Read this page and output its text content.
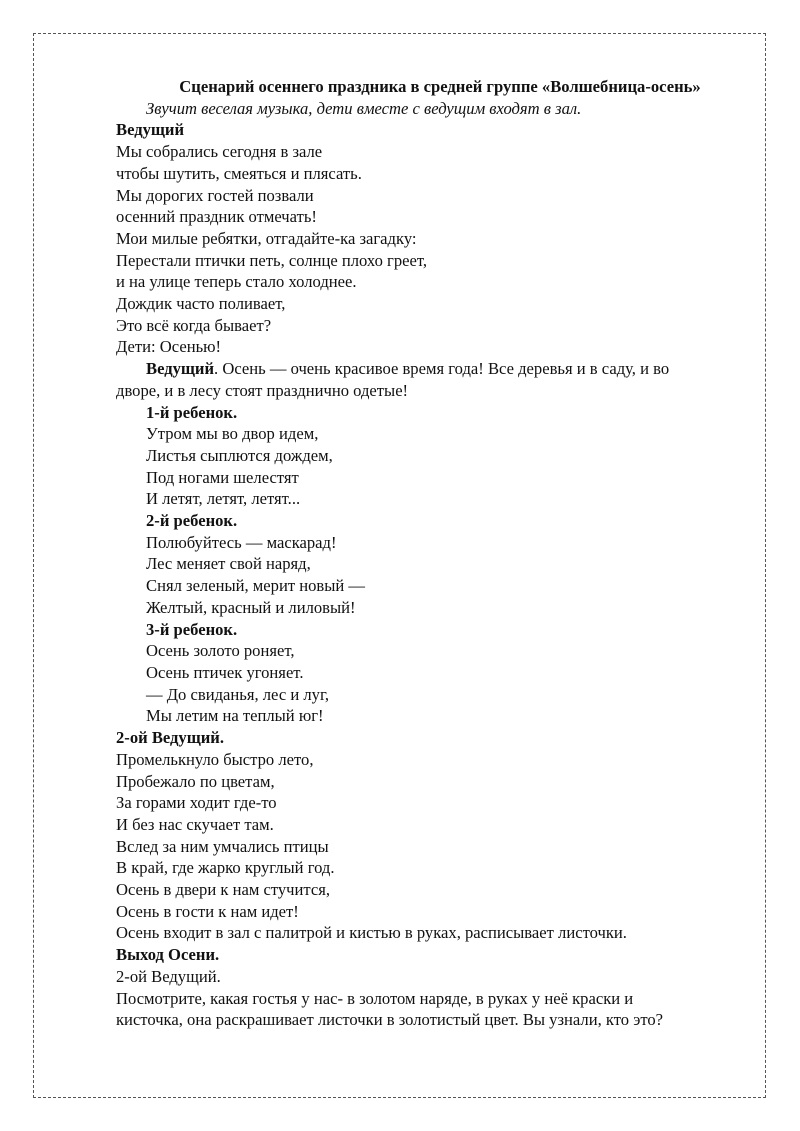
Сценарий осеннего праздника в средней группе «Волшебница-осень»

Звучит веселая музыка, дети вместе с ведущим входят в зал.

Ведущий

Мы собрались сегодня в зале

чтобы шутить, смеяться и плясать.

Мы дорогих гостей позвали

осенний праздник отмечать!

Мои милые ребятки, отгадайте-ка загадку:

Перестали птички петь, солнце плохо греет,

и на улице теперь стало холоднее.

Дождик часто поливает,

Это всё когда бывает?

Дети: Осенью!

Ведущий. Осень — очень красивое время года! Все деревья и в саду, и во

дворе, и в лесу стоят празднично одетые!

1-й ребенок.

Утром мы во двор идем,

Листья сыплются дождем,

Под ногами шелестят

И летят, летят, летят...

2-й ребенок.

Полюбуйтесь — маскарад!

Лес меняет свой наряд,

Снял зеленый, мерит новый —

Желтый, красный и лиловый!

3-й ребенок.

Осень золото роняет,

Осень птичек угоняет.

— До свиданья, лес и луг,

Мы летим на теплый юг!

2-ой Ведущий.

Промелькнуло быстро лето,

Пробежало по цветам,

За горами ходит где-то

И без нас скучает там.

Вслед за ним умчались птицы

В край, где жарко круглый год.

Осень в двери к нам стучится,

Осень в гости к нам идет!

Осень входит в зал с палитрой и кистью в руках, расписывает листочки.

Выход Осени.

2-ой Ведущий.

Посмотрите, какая гостья у нас- в золотом наряде, в руках у неё краски и

кисточка, она раскрашивает листочки в золотистый цвет. Вы узнали, кто это?
